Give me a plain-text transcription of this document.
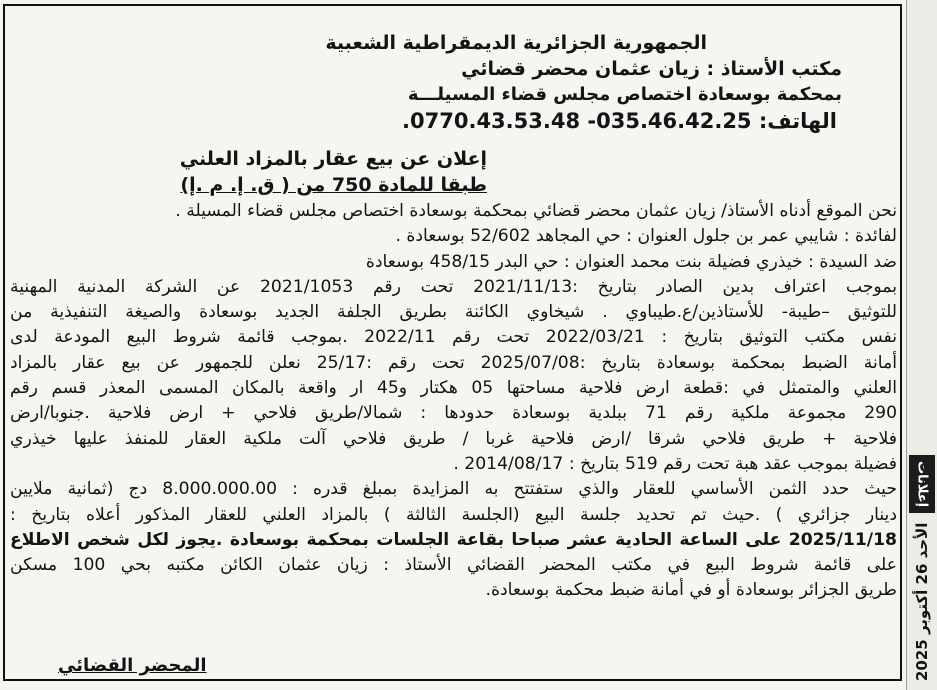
إعلانات
الأحد 26 أكتوبر 2025
الجمهورية الجزائرية الديمقراطية الشعبية
مكتب الأستاذ : زيان عثمان محضر قضائي
بمحكمة بوسعادة اختصاص مجلس قضاء المسيلـــة
الهاتف: 035.46.42.25- 0770.43.53.48.
إعلان عن بيع عقار بالمزاد العلني
طبقا للمادة 750 من ( ق. إ. م .إ)
نحن الموقع أدناه الأستاذ/ زيان عثمان محضر قضائي بمحكمة بوسعادة اختصاص مجلس قضاء المسيلة .
لفائدة : شايبي عمر بن جلول العنوان : حي المجاهد 52/602 بوسعادة .
ضد السيدة : خيذري فضيلة بنت محمد العنوان : حي البدر 458/15 بوسعادة
بموجب اعتراف بدين الصادر بتاريخ :2021/11/13 تحت رقم 2021/1053 عن الشركة المدنية المهنية
للتوثيق –طيبة- للأستاذين/ع.طيباوي . شيخاوي الكائنة بطريق الجلفة الجديد بوسعادة والصيغة التنفيذية من
نفس مكتب التوثيق بتاريخ : 2022/03/21 تحت رقم 2022/11 .بموجب قائمة شروط البيع المودعة لدى
أمانة الضبط بمحكمة بوسعادة بتاريخ :2025/07/08 تحت رقم :25/17 نعلن للجمهور عن بيع عقار بالمزاد
العلني والمتمثل في :قطعة ارض فلاحية مساحتها 05 هكتار و45 ار واقعة بالمكان المسمى المعذر قسم رقم
290 مجموعة ملكية رقم 71 ببلدية بوسعادة حدودها : شمالا/طريق فلاحي + ارض فلاحية .جنوبا/ارض
فلاحية + طريق فلاحي شرقا /ارض فلاحية غربا / طريق فلاحي آلت ملكية العقار للمنفذ عليها خيذري
فضيلة بموجب عقد هبة تحت رقم 519 بتاريخ : 2014/08/17 .
حيث حدد الثمن الأساسي للعقار والذي ستفتتح به المزايدة بمبلغ قدره : 8.000.000.00 دج (ثمانية ملايين
دينار جزائري ) .حيث تم تحديد جلسة البيع (الجلسة الثالثة ) بالمزاد العلني للعقار المذكور أعلاه بتاريخ :
2025/11/18 على الساعة الحادية عشر صباحا بقاعة الجلسات بمحكمة بوسعادة .يجوز لكل شخص الاطلاع
على قائمة شروط البيع في مكتب المحضر القضائي الأستاذ : زيان عثمان الكائن مكتبه بحي 100 مسكن
طريق الجزائر بوسعادة أو في أمانة ضبط محكمة بوسعادة.
المحضر القضائي
